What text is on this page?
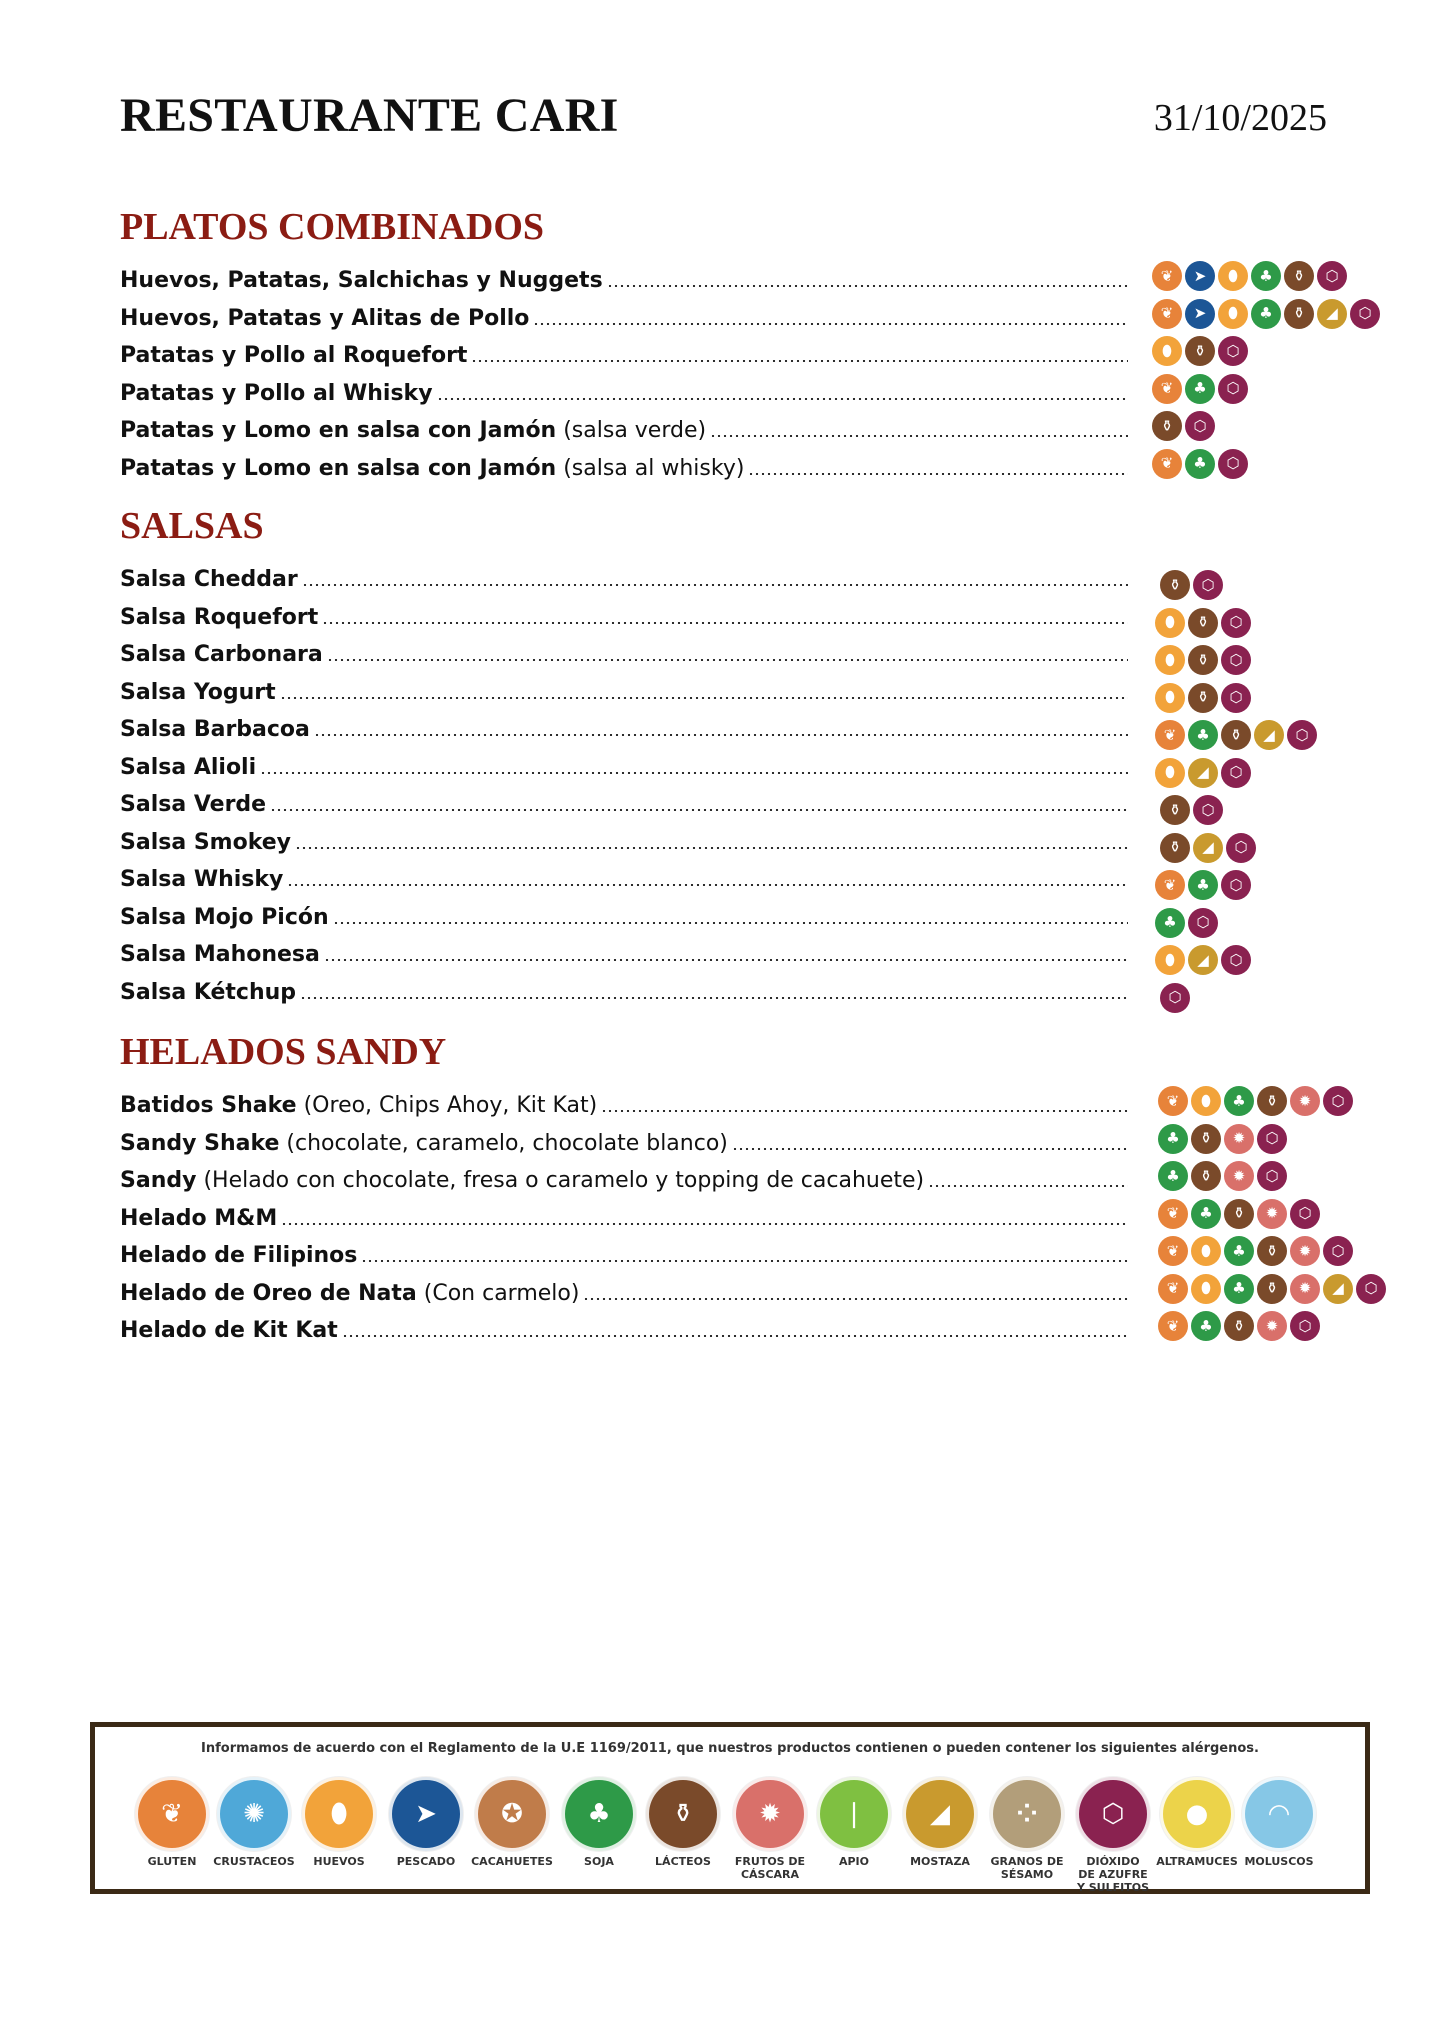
RESTAURANTE CARI	31/10/2025
PLATOS COMBINADOS
Huevos, Patatas, Salchichas y Nuggets	❦	➤	⬮	♣	⚱	⬡
Huevos, Patatas y Alitas de Pollo	❦	➤	⬮	♣	⚱	◢	⬡
Patatas y Pollo al Roquefort	⬮	⚱	⬡
Patatas y Pollo al Whisky	❦	♣	⬡
Patatas y Lomo en salsa con Jamón (salsa verde)	⚱	⬡
Patatas y Lomo en salsa con Jamón (salsa al whisky)	❦	♣	⬡
SALSAS
Salsa Cheddar	⚱	⬡
Salsa Roquefort	⬮	⚱	⬡
Salsa Carbonara	⬮	⚱	⬡
Salsa Yogurt	⬮	⚱	⬡
Salsa Barbacoa	❦	♣	⚱	◢	⬡
Salsa Alioli	⬮	◢	⬡
Salsa Verde	⚱	⬡
Salsa Smokey	⚱	◢	⬡
Salsa Whisky	❦	♣	⬡
Salsa Mojo Picón	♣	⬡
Salsa Mahonesa	⬮	◢	⬡
Salsa Kétchup	⬡
HELADOS SANDY
Batidos Shake (Oreo, Chips Ahoy, Kit Kat)	❦	⬮	♣	⚱	✹	⬡
Sandy Shake (chocolate, caramelo, chocolate blanco)	♣	⚱	✹	⬡
Sandy (Helado con chocolate, fresa o caramelo y topping de cacahuete)	♣	⚱	✹	⬡
Helado M&M	❦	♣	⚱	✹	⬡
Helado de Filipinos	❦	⬮	♣	⚱	✹	⬡
Helado de Oreo de Nata (Con carmelo)	❦	⬮	♣	⚱	✹	◢	⬡
Helado de Kit Kat	❦	♣	⚱	✹	⬡
Informamos de acuerdo con el Reglamento de la U.E 1169/2011, que nuestros productos contienen o pueden contener los siguientes alérgenos.
❦
GLUTEN
✺
CRUSTACEOS
⬮
HUEVOS
➤
PESCADO
✪
CACAHUETES
♣
SOJA
⚱
LÁCTEOS
✹
FRUTOS DE
CÁSCARA
❘
APIO
◢
MOSTAZA
⁘
GRANOS DE
SÉSAMO
⬡
DIÓXIDO
DE AZUFRE
Y SULFITOS
●
ALTRAMUCES
◠
MOLUSCOS
